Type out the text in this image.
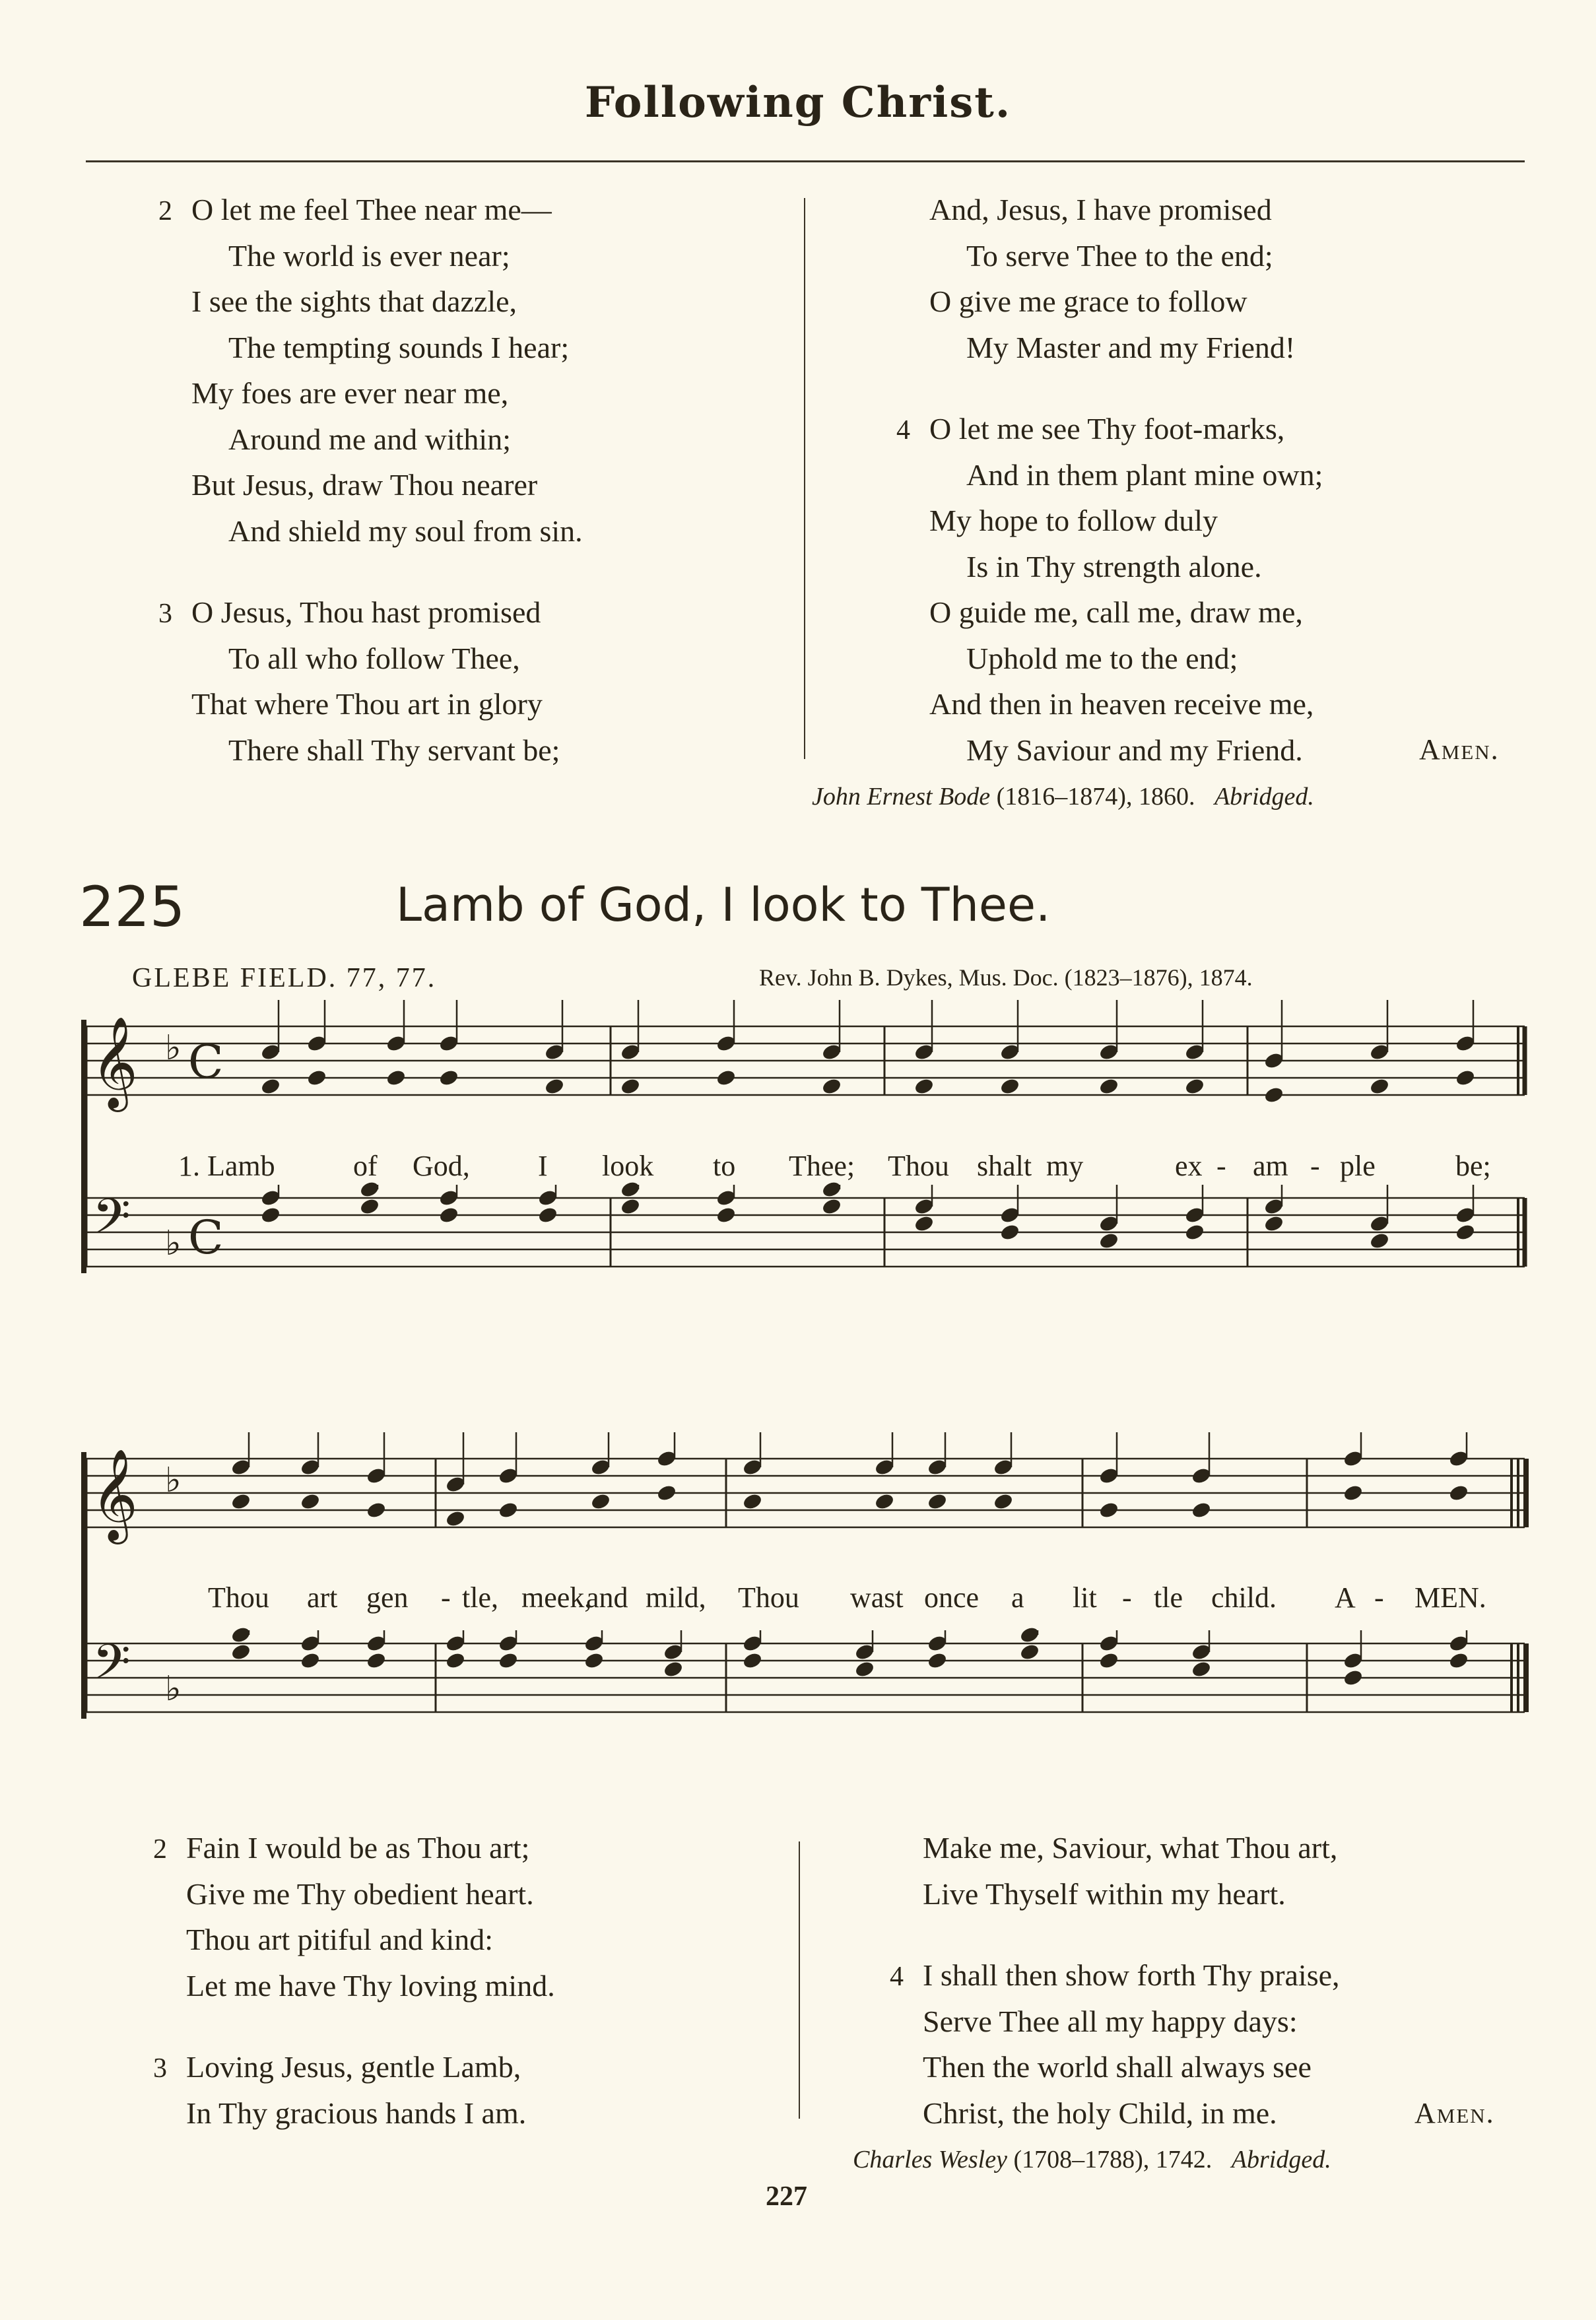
Following Christ.
2 O let me feel Thee near me—
The world is ever near;
I see the sights that dazzle,
The tempting sounds I hear;
My foes are ever near me,
Around me and within;
But Jesus, draw Thou nearer
And shield my soul from sin.
3 O Jesus, Thou hast promised
To all who follow Thee,
That where Thou art in glory
There shall Thy servant be;
And, Jesus, I have promised
To serve Thee to the end;
O give me grace to follow
My Master and my Friend!
4 O let me see Thy foot-marks,
And in them plant mine own;
My hope to follow duly
Is in Thy strength alone.
O guide me, call me, draw me,
Uphold me to the end;
And then in heaven receive me,
My Saviour and my Friend.	Amen.
John Ernest Bode (1816–1874), 1860. Abridged.
225	Lamb of God, I look to Thee.
GLEBE FIELD. 77, 77.	Rev. John B. Dykes, Mus. Doc. (1823–1876), 1874.
𝄞 ♭ C
𝄢 ♭ C
𝄞 ♭
𝄢 ♭
1. Lamb	of God, I look to Thee; Thou shalt my	ex - am - ple	be;
Thou art gen - tle, meek,
and mild, Thou wast once a lit - tle child. A - MEN.
2 Fain I would be as Thou art;
Give me Thy obedient heart.
Thou art pitiful and kind:
Let me have Thy loving mind.
3 Loving Jesus, gentle Lamb,
In Thy gracious hands I am.
Make me, Saviour, what Thou art,
Live Thyself within my heart.
4 I shall then show forth Thy praise,
Serve Thee all my happy days:
Then the world shall always see
Christ, the holy Child, in me.	Amen.
Charles Wesley (1708–1788), 1742. Abridged.
227
